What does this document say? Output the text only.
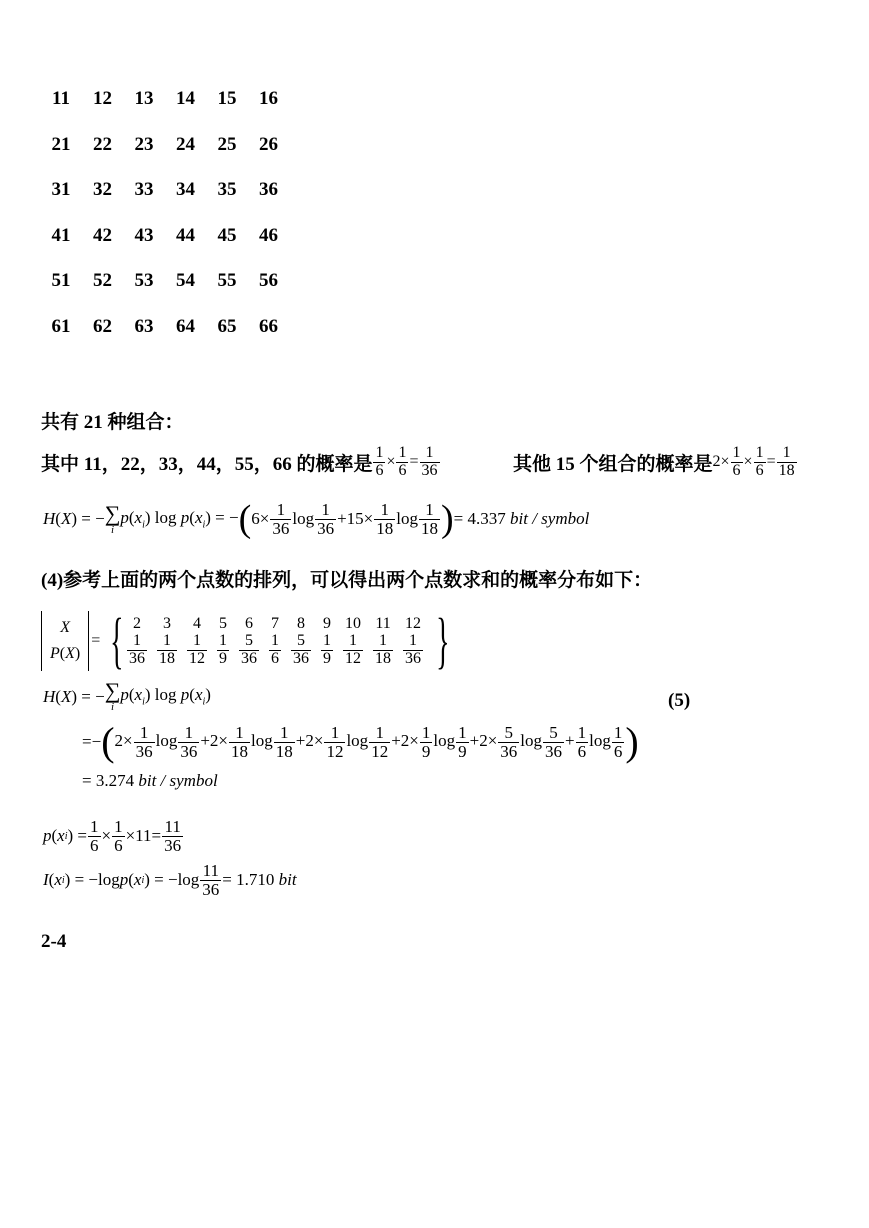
11	12	13	14	15	16
21	22	23	24	25	26
31	32	33	34	35	36
41	42	43	44	45	46
51	52	53	54	55	56
61	62	63	64	65	66
共有 21 种组合：
其中 11，22，33，44，55，66 的概率是 $\frac{1}{6} \times \frac{1}{6} = \frac{1}{36}$	其他 15 个组合的概率是 $2\times \frac{1}{6} \times \frac{1}{6} = \frac{1}{18}$
H ( X ) = − ∑
i
$p(x_i)$ $\log p(x_i)$ = − ( $6\times \frac{1}{36}$ $\log \frac{1}{36} +15\times \frac{1}{18}$ $\log \frac{1}{18}$ ) = 4.337
bit / symbol
(4)参考上面的两个点数的排列，可以得出两个点数求和的概率分布如下：
X
P(X)
= { 2	3	4	5	6	7	8	9	10	11	12

$\frac{1}{36}$	$\frac{1}{18}$	$\frac{1}{12}$	$\frac{1}{9}$	$\frac{5}{36}$	$\frac{1}{6}$	$\frac{5}{36}$	$\frac{1}{9}$	$\frac{1}{12}$	$\frac{1}{18}$	$\frac{1}{36}$ }
H ( X ) = − ∑
i
$p(x_i)$ $\log p(x_i)$	(5)
=− ( $2\times \frac{1}{36}$ $\log \frac{1}{36} +2\times \frac{1}{18}$ $\log \frac{1}{18} +2\times \frac{1}{12}$ $\log \frac{1}{12} +2\times \frac{1}{9}$ $\log \frac{1}{9} +2\times \frac{5}{36}$ $\log \frac{5}{36} + \frac{1}{6}$ $\log \frac{1}{6}$ )
= 3.274 bit / symbol
p ( x i ) = $\frac{1}{6} \times \frac{1}{6} \times 11= \frac{11}{36}$
I ( x i ) = −log p ( x i ) = $-\log \frac{11}{36} = 1.710$
bit
2-4
